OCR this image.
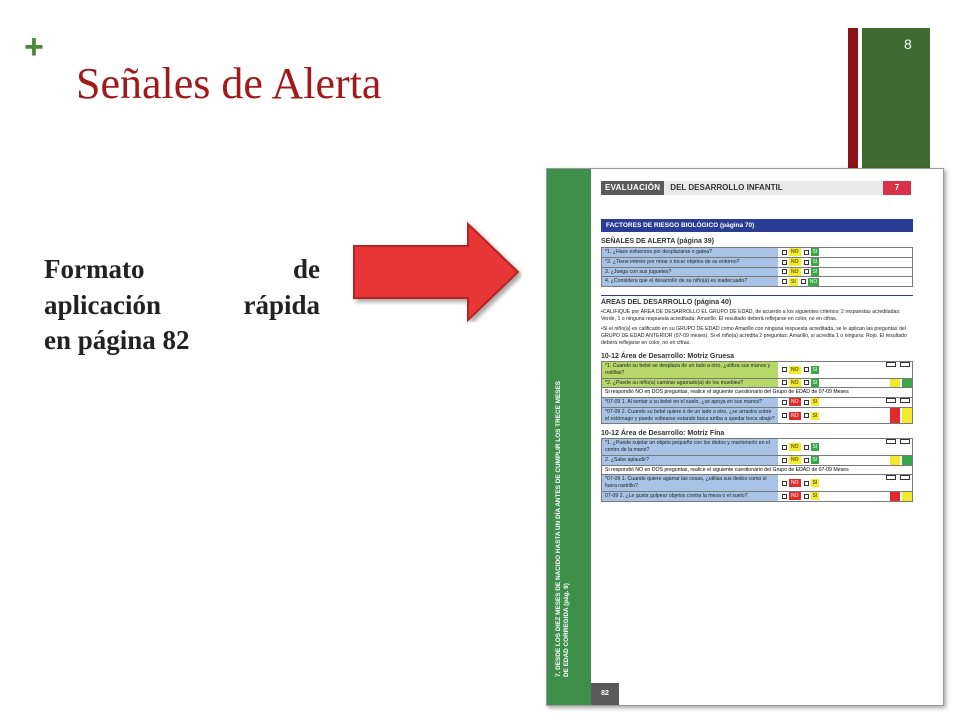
+
Señales de Alerta
8
Formato de
aplicación rápida
en página 82
7. DESDE LOS DIEZ MESES DE NACIDO HASTA UN DÍA ANTES DE CUMPLIR LOS TRECE MESES DE EDAD CORREGIDA (pág. 9)
82
EVALUACIÓN	DEL DESARROLLO INFANTIL	7
FACTORES DE RIESGO BIOLÓGICO (página 70)
SEÑALES DE ALERTA (página 39)
*1. ¿Hace esfuerzos por desplazarse o gatea?	NO	SI
*2. ¿Tiene interés por mirar o tocar objetos de su entorno?	NO	SI
3. ¿Juega con sus juguetes?	NO	SI
4. ¿Considera que el desarrollo de su niño(a) es inadecuado?	SI	NO
ÁREAS DEL DESARROLLO (página 40)
•CALIFIQUE por ÁREA DE DESARROLLO EL GRUPO DE EDAD, de acuerdo a los siguientes criterios: 2 respuestas acreditadas: Verde, 1 o ninguna respuesta acreditada: Amarillo. El resultado deberá reflejarse en color, no en cifras.
•Si el niño(a) es calificado en su GRUPO DE EDAD como Amarillo con ninguna respuesta acreditada, se le aplican las preguntas del GRUPO DE EDAD ANTERIOR (07-09 meses). Si el niño(a) acredita 2 preguntas: Amarillo, si acredita 1 o ninguna: Rojo. El resultado deberá reflejarse en color, no en cifras.
10-12 Área de Desarrollo: Motriz Gruesa
*1. Cuando su bebé se desplaza de un lado a otro, ¿utiliza sus manos y rodillas?	NO	SI
*2. ¿Puede su niño(a) caminar agarrado(a) de los muebles?	NO	SI
Si respondió NO en DOS preguntas, realice el siguiente cuestionario del Grupo de EDAD de 07-09 Meses
*07-09 1. Al sentar a su bebé en el suelo, ¿se apoya en sus manos?	NO	SI
*07-09 2. Cuando su bebé quiere ir de un lado a otro, ¿se arrastra sobre el estómago y puede voltearse estando boca arriba a quedar boca abajo?	NO	SI
10-12 Área de Desarrollo: Motriz Fina
*1. ¿Puede sujetar un objeto pequeño con los dedos y mantenerlo en el centro de la mano?	NO	SI
2. ¿Sabe aplaudir?	NO	SI
Si respondió NO en DOS preguntas, realice el siguiente cuestionario del Grupo de EDAD de 07-09 Meses
*07-09 1. Cuando quiere agarrar las cosas, ¿utiliza sus dedos como si fuera rastrillo?	NO	SI
07-09 2. ¿Le gusta golpear objetos contra la mesa o el suelo?	NO	SI
